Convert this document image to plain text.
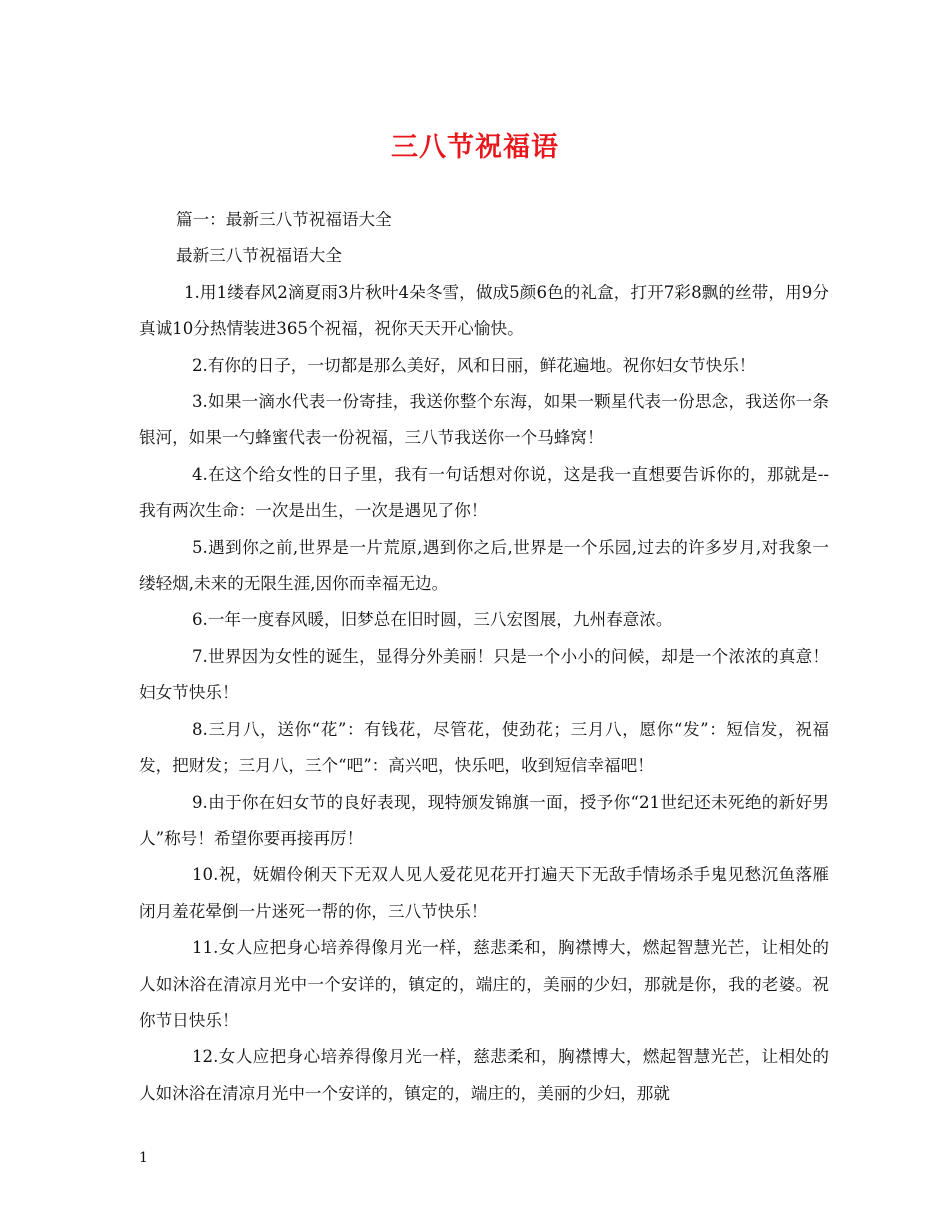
三八节祝福语

篇一：最新三八节祝福语大全

最新三八节祝福语大全

1.用1缕春风2滴夏雨3片秋叶4朵冬雪，做成5颜6色的礼盒，打开7彩8飘的丝带，用9分真诚10分热情装进365个祝福，祝你天天开心愉快。

2.有你的日子，一切都是那么美好，风和日丽，鲜花遍地。祝你妇女节快乐！

3.如果一滴水代表一份寄挂，我送你整个东海，如果一颗星代表一份思念，我送你一条银河，如果一勺蜂蜜代表一份祝福，三八节我送你一个马蜂窝！

4.在这个给女性的日子里，我有一句话想对你说，这是我一直想要告诉你的，那就是--我有两次生命：一次是出生，一次是遇见了你！

5.遇到你之前,世界是一片荒原,遇到你之后,世界是一个乐园,过去的许多岁月,对我象一缕轻烟,未来的无限生涯,因你而幸福无边。

6.一年一度春风暖，旧梦总在旧时圆，三八宏图展，九州春意浓。

7.世界因为女性的诞生，显得分外美丽！只是一个小小的问候，却是一个浓浓的真意！妇女节快乐！

8.三月八，送你“花”：有钱花，尽管花，使劲花；三月八，愿你“发”：短信发，祝福发，把财发；三月八，三个“吧”：高兴吧，快乐吧，收到短信幸福吧！

9.由于你在妇女节的良好表现，现特颁发锦旗一面，授予你“21世纪还未死绝的新好男人”称号！希望你要再接再厉！

10.祝，妩媚伶俐天下无双人见人爱花见花开打遍天下无敌手情场杀手鬼见愁沉鱼落雁闭月羞花晕倒一片迷死一帮的你，三八节快乐！

11.女人应把身心培养得像月光一样，慈悲柔和，胸襟博大，燃起智慧光芒，让相处的人如沐浴在清凉月光中一个安详的，镇定的，端庄的，美丽的少妇，那就是你，我的老婆。祝你节日快乐！

12.女人应把身心培养得像月光一样，慈悲柔和，胸襟博大，燃起智慧光芒，让相处的人如沐浴在清凉月光中一个安详的，镇定的，端庄的，美丽的少妇，那就

1
